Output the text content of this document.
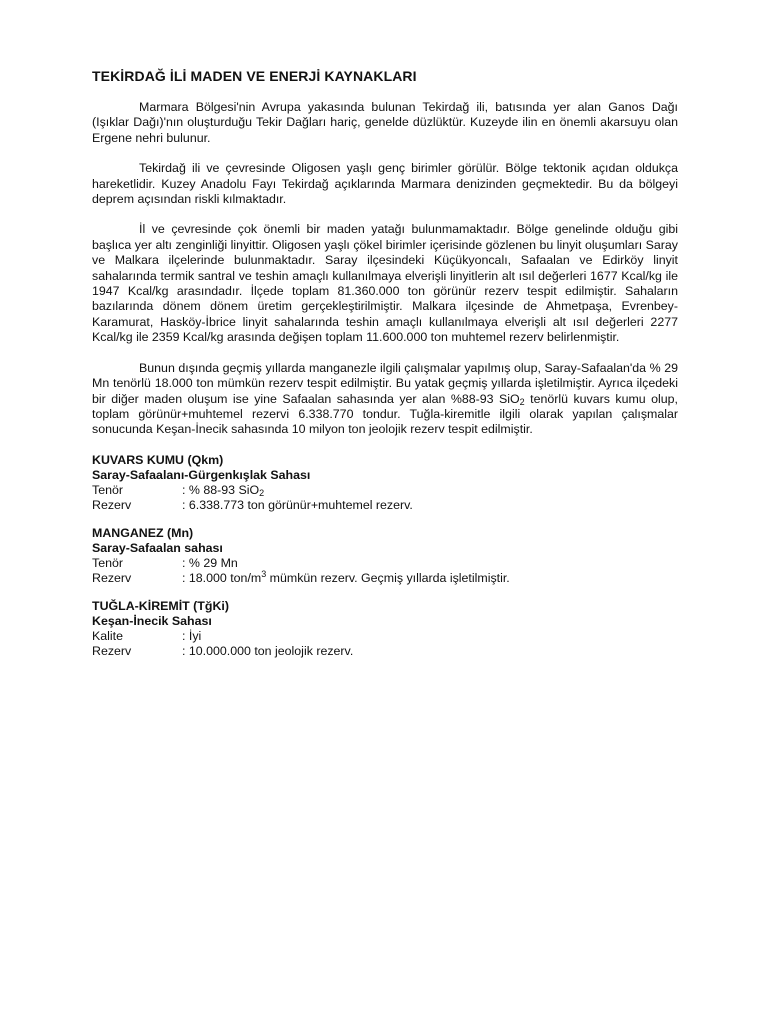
TEKİRDAĞ İLİ MADEN VE ENERJİ KAYNAKLARI

Marmara Bölgesi'nin Avrupa yakasında bulunan Tekirdağ ili, batısında yer alan Ganos Dağı (Işıklar Dağı)'nın oluşturduğu Tekir Dağları hariç, genelde düzlüktür. Kuzeyde ilin en önemli akarsuyu olan Ergene nehri bulunur.

Tekirdağ ili ve çevresinde Oligosen yaşlı genç birimler görülür. Bölge tektonik açıdan oldukça hareketlidir. Kuzey Anadolu Fayı Tekirdağ açıklarında Marmara denizinden geçmektedir. Bu da bölgeyi deprem açısından riskli kılmaktadır.

İl ve çevresinde çok önemli bir maden yatağı bulunmamaktadır. Bölge genelinde olduğu gibi başlıca yer altı zenginliği linyittir. Oligosen yaşlı çökel birimler içerisinde gözlenen bu linyit oluşumları Saray ve Malkara ilçelerinde bulunmaktadır. Saray ilçesindeki Küçükyoncalı, Safaalan ve Edirköy linyit sahalarında termik santral ve teshin amaçlı kullanılmaya elverişli linyitlerin alt ısıl değerleri 1677 Kcal/kg ile 1947 Kcal/kg arasındadır. İlçede toplam 81.360.000 ton görünür rezerv tespit edilmiştir. Sahaların bazılarında dönem dönem üretim gerçekleştirilmiştir. Malkara ilçesinde de Ahmetpaşa, Evrenbey-Karamurat, Hasköy-İbrice linyit sahalarında teshin amaçlı kullanılmaya elverişli alt ısıl değerleri 2277 Kcal/kg ile 2359 Kcal/kg arasında değişen toplam 11.600.000 ton muhtemel rezerv belirlenmiştir.

Bunun dışında geçmiş yıllarda manganezle ilgili çalışmalar yapılmış olup, Saray-Safaalan'da % 29 Mn tenörlü 18.000 ton mümkün rezerv tespit edilmiştir. Bu yatak geçmiş yıllarda işletilmiştir. Ayrıca ilçedeki bir diğer maden oluşum ise yine Safaalan sahasında yer alan %88-93 SiO$_2$ tenörlü kuvars kumu olup, toplam görünür+muhtemel rezervi 6.338.770 tondur. Tuğla-kiremitle ilgili olarak yapılan çalışmalar sonucunda Keşan-İnecik sahasında 10 milyon ton jeolojik rezerv tespit edilmiştir.

KUVARS KUMU (Qkm)
Saray-Safaalanı-Gürgenkışlak Sahası
Tenör	: % 88-93 SiO$_2$
Rezerv	: 6.338.773 ton görünür+muhtemel rezerv.
MANGANEZ (Mn)
Saray-Safaalan sahası
Tenör	: % 29 Mn
Rezerv	: 18.000 ton/$m^3$ mümkün rezerv. Geçmiş yıllarda işletilmiştir.
TUĞLA-KİREMİT (TğKi)
Keşan-İnecik Sahası
Kalite	: İyi
Rezerv	: 10.000.000 ton jeolojik rezerv.
